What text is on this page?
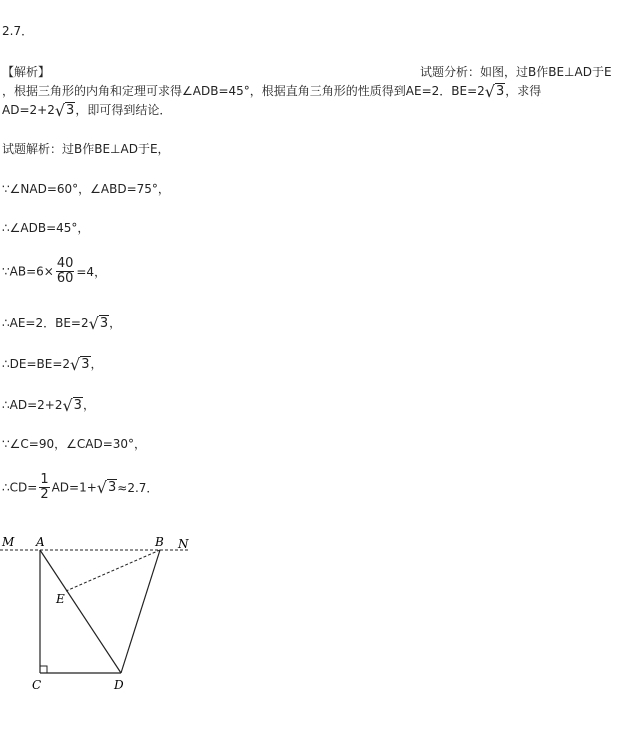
2.7．
【解析】	试题分析：如图，过B作BE⊥AD于E
，根据三角形的内角和定理可求得∠ADB=45°，根据直角三角形的性质得到AE=2．BE=2√3，求得
AD=2+2√3，即可得到结论．
试题解析：过B作BE⊥AD于E，
∵∠NAD=60°，∠ABD=75°，
∴∠ADB=45°，
∵AB=6× $\frac{40}{60} =4$，
∴AE=2．BE=2√3，
∴DE=BE=2√3，
∴AD=2+2√3，
∵∠C=90，∠CAD=30°，
∴CD= $\frac{1}{2} AD=1+√3\approx 2.7$．
M A	B N
E
C	D
